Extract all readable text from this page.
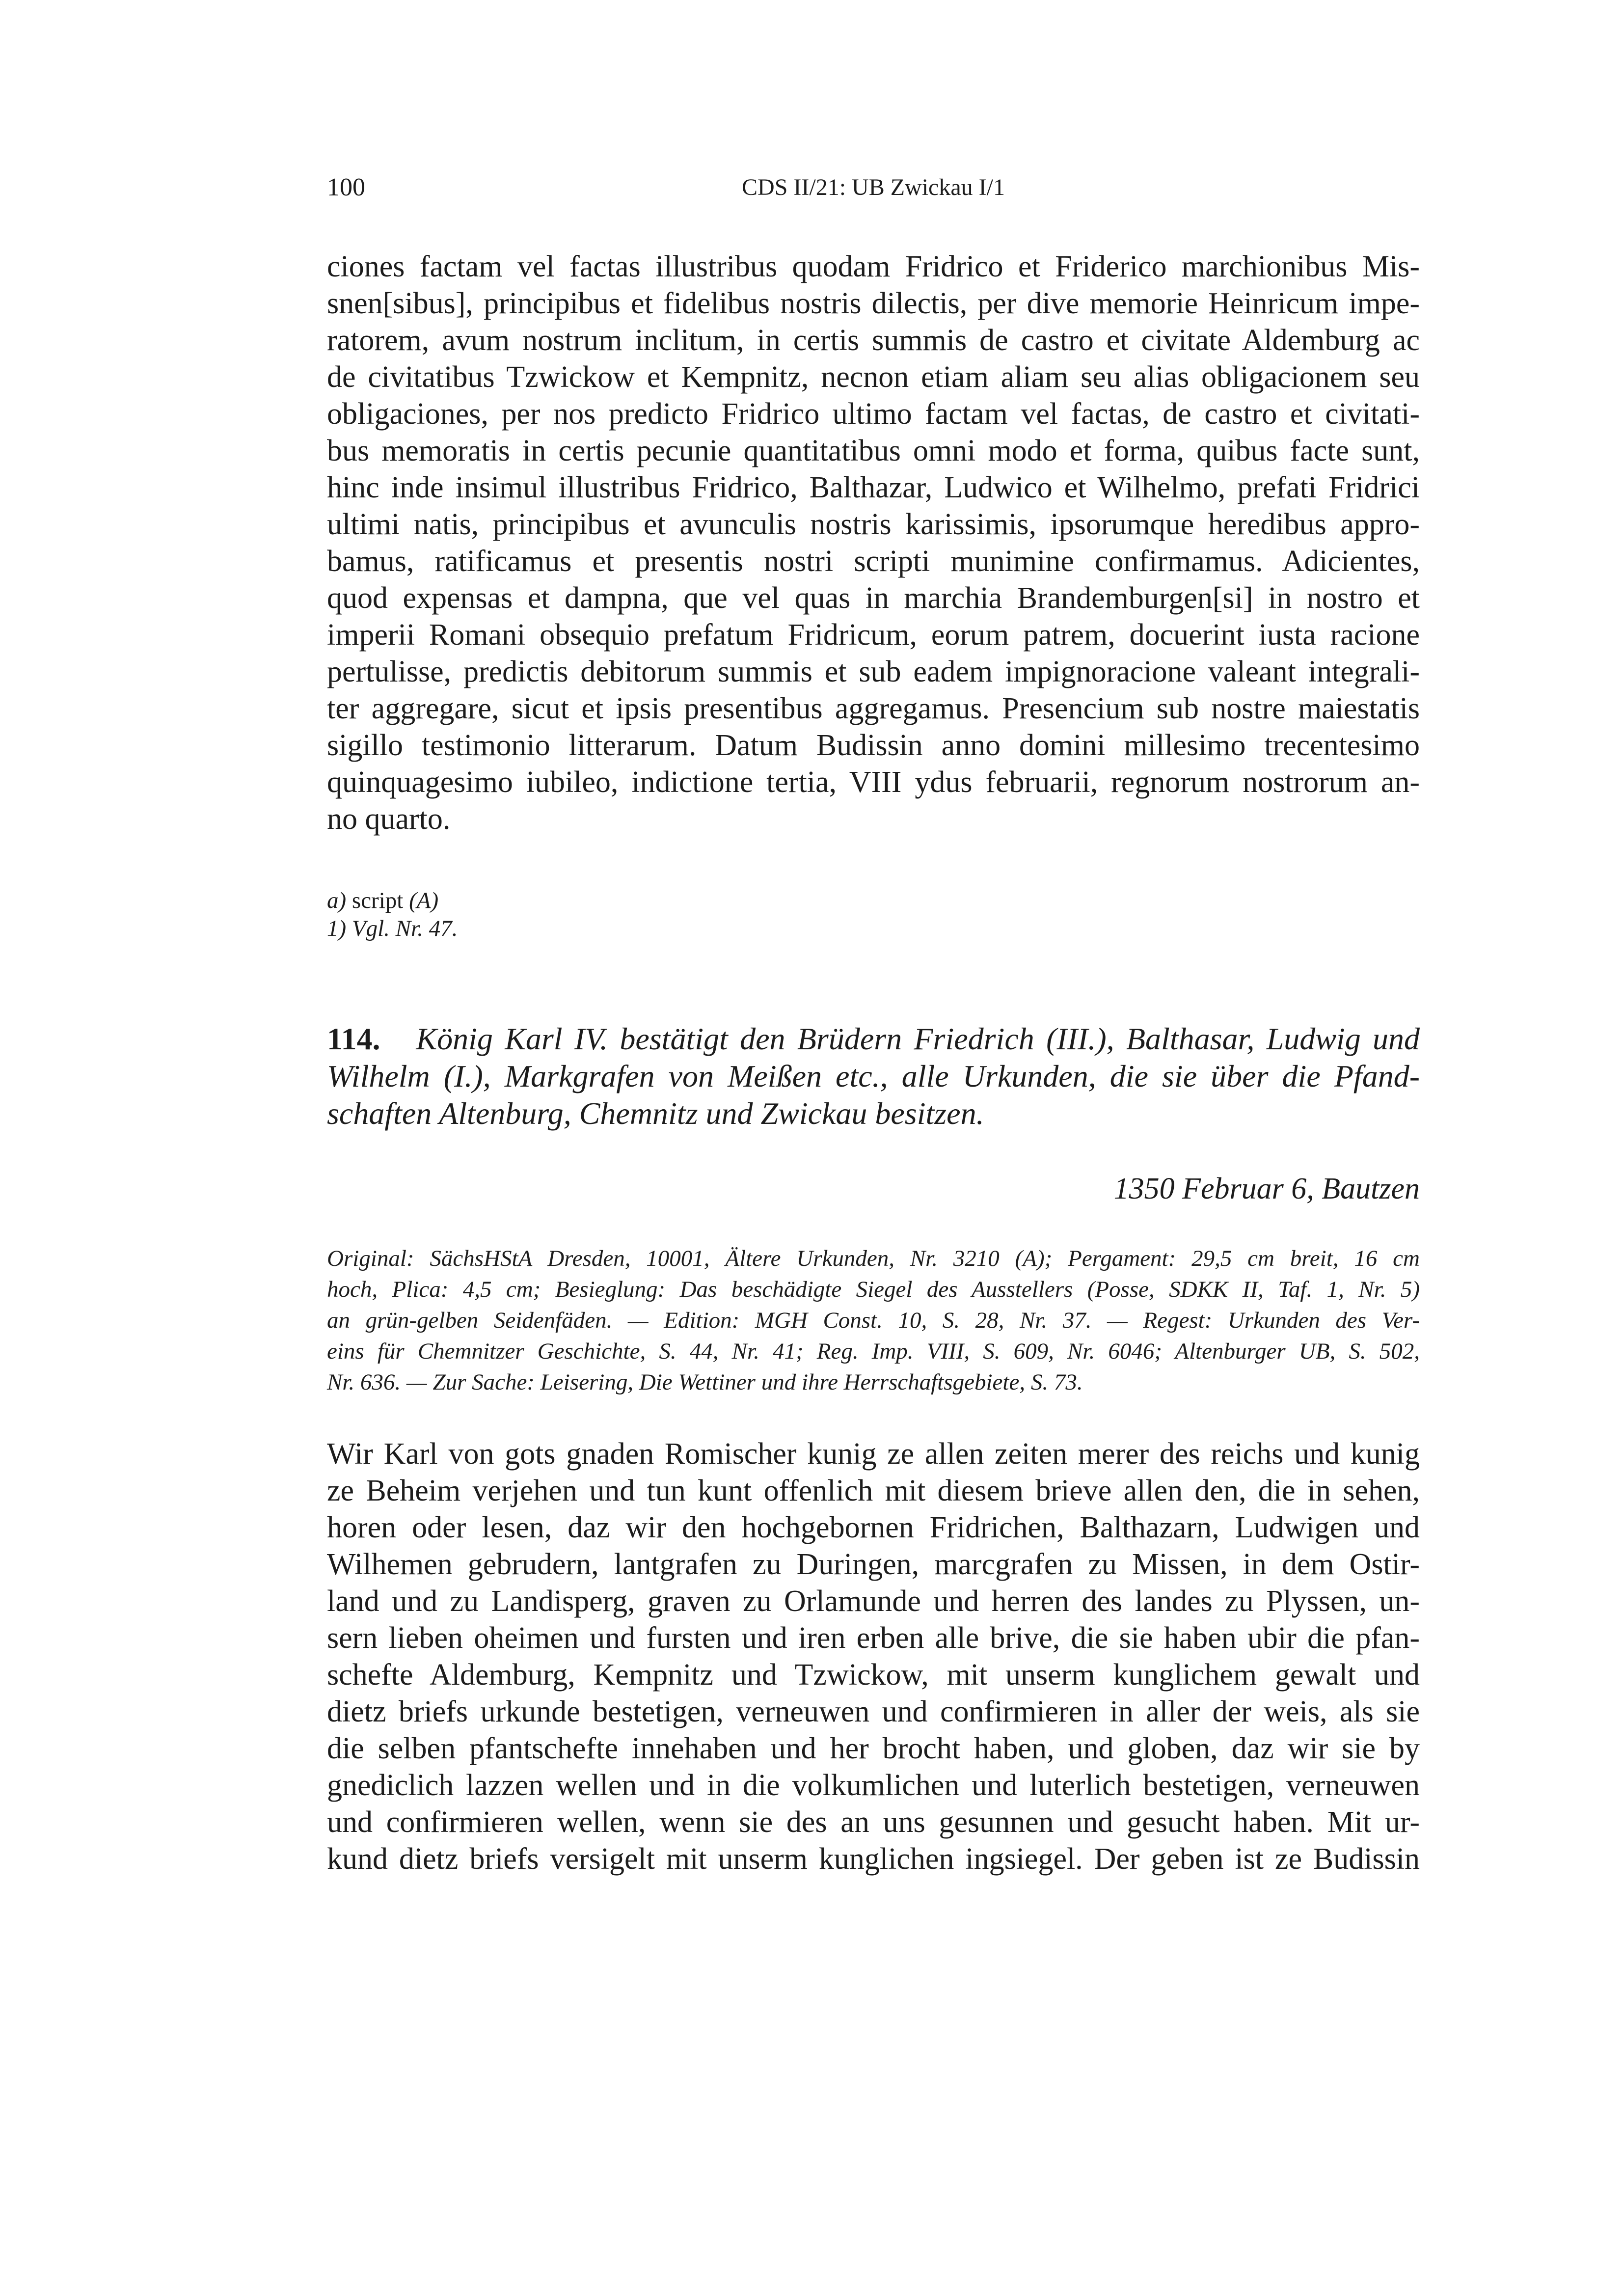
100	CDS II/21: UB Zwickau I/1
ciones factam vel factas illustribus quodam Fridrico et Friderico marchionibus Mis-
snen[sibus], principibus et fidelibus nostris dilectis, per dive memorie Heinricum impe-
ratorem, avum nostrum inclitum, in certis summis de castro et civitate Aldemburg ac
de civitatibus Tzwickow et Kempnitz, necnon etiam aliam seu alias obligacionem seu
obligaciones, per nos predicto Fridrico ultimo factam vel factas, de castro et civitati-
bus memoratis in certis pecunie quantitatibus omni modo et forma, quibus facte sunt,
hinc inde insimul illustribus Fridrico, Balthazar, Ludwico et Wilhelmo, prefati Fridrici
ultimi natis, principibus et avunculis nostris karissimis, ipsorumque heredibus appro-
bamus, ratificamus et presentis nostri scripti munimine confirmamus. Adicientes,
quod expensas et dampna, que vel quas in marchia Brandemburgen[si] in nostro et
imperii Romani obsequio prefatum Fridricum, eorum patrem, docuerint iusta racione
pertulisse, predictis debitorum summis et sub eadem impignoracione valeant integrali-
ter aggregare, sicut et ipsis presentibus aggregamus. Presencium sub nostre maiestatis
sigillo testimonio litterarum. Datum Budissin anno domini millesimo trecentesimo
quinquagesimo iubileo, indictione tertia, VIII ydus februarii, regnorum nostrorum an-
no quarto.
a) script (A)
1) Vgl. Nr. 47.
114. König Karl IV. bestätigt den Brüdern Friedrich (III.), Balthasar, Ludwig und
Wilhelm (I.), Markgrafen von Meißen etc., alle Urkunden, die sie über die Pfand-
schaften Altenburg, Chemnitz und Zwickau besitzen.
1350 Februar 6, Bautzen
Original: SächsHStA Dresden, 10001, Ältere Urkunden, Nr. 3210 (A); Pergament: 29,5 cm breit, 16 cm
hoch, Plica: 4,5 cm; Besieglung: Das beschädigte Siegel des Ausstellers (Posse, SDKK II, Taf. 1, Nr. 5)
an grün-gelben Seidenfäden. — Edition: MGH Const. 10, S. 28, Nr. 37. — Regest: Urkunden des Ver-
eins für Chemnitzer Geschichte, S. 44, Nr. 41; Reg. Imp. VIII, S. 609, Nr. 6046; Altenburger UB, S. 502,
Nr. 636. — Zur Sache: Leisering, Die Wettiner und ihre Herrschaftsgebiete, S. 73.
Wir Karl von gots gnaden Romischer kunig ze allen zeiten merer des reichs und kunig
ze Beheim verjehen und tun kunt offenlich mit diesem brieve allen den, die in sehen,
horen oder lesen, daz wir den hochgebornen Fridrichen, Balthazarn, Ludwigen und
Wilhemen gebrudern, lantgrafen zu Duringen, marcgrafen zu Missen, in dem Ostir-
land und zu Landisperg, graven zu Orlamunde und herren des landes zu Plyssen, un-
sern lieben oheimen und fursten und iren erben alle brive, die sie haben ubir die pfan-
schefte Aldemburg, Kempnitz und Tzwickow, mit unserm kunglichem gewalt und
dietz briefs urkunde bestetigen, verneuwen und confirmieren in aller der weis, als sie
die selben pfantschefte innehaben und her brocht haben, und globen, daz wir sie by
gnediclich lazzen wellen und in die volkumlichen und luterlich bestetigen, verneuwen
und confirmieren wellen, wenn sie des an uns gesunnen und gesucht haben. Mit ur-
kund dietz briefs versigelt mit unserm kunglichen ingsiegel. Der geben ist ze Budissin
